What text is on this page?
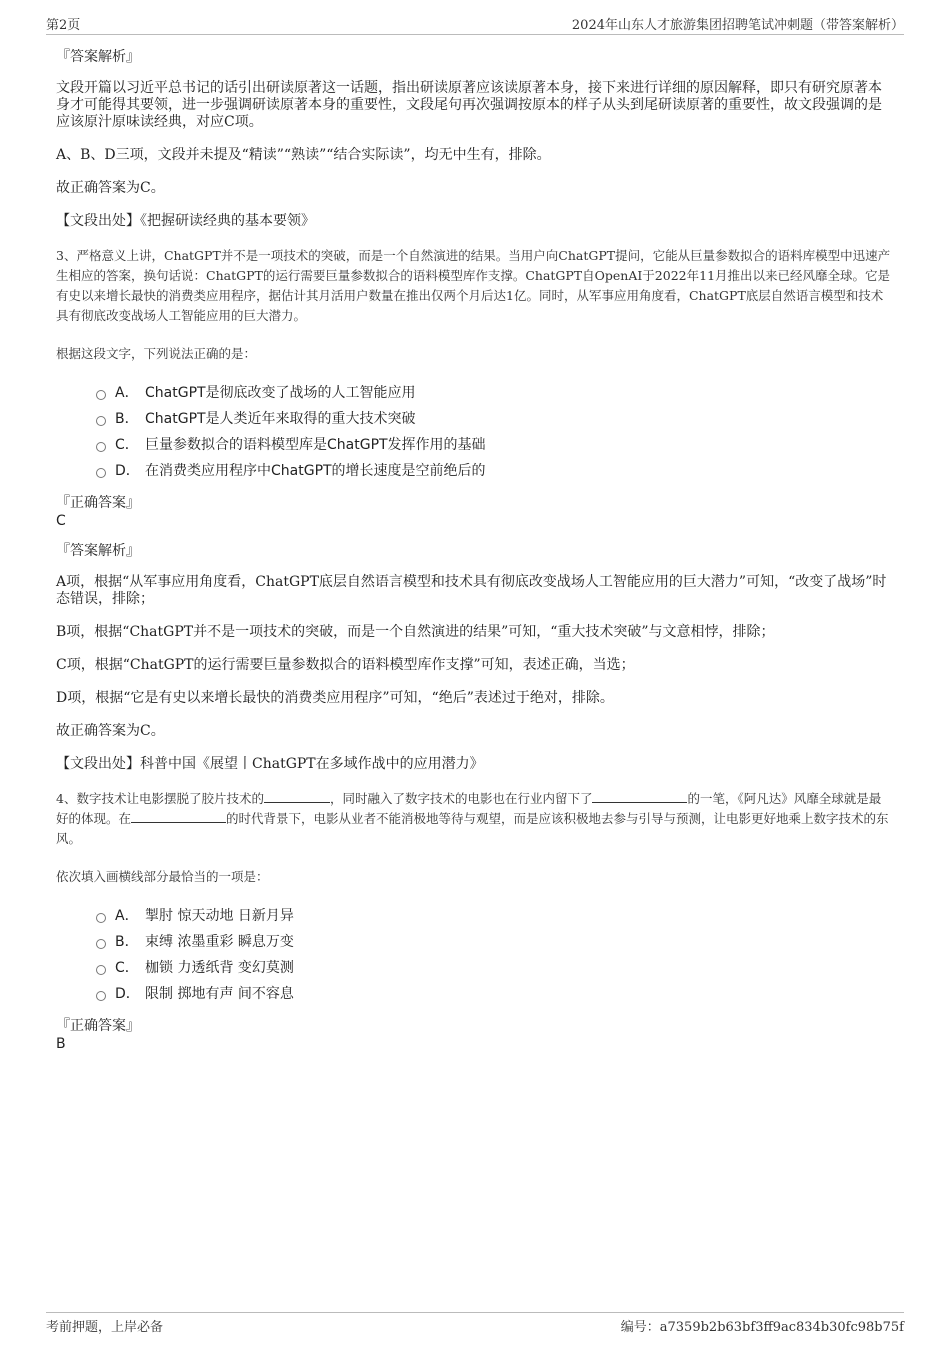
第2页	2024年山东人才旅游集团招聘笔试冲刺题（带答案解析）
『答案解析』

文段开篇以习近平总书记的话引出研读原著这一话题，指出研读原著应该读原著本身，接下来进行详细的原因解释，即只有研究原著本身才可能得其要领，进一步强调研读原著本身的重要性，文段尾句再次强调按原本的样子从头到尾研读原著的重要性，故文段强调的是应该原汁原味读经典，对应C项。

A、B、D三项，文段并未提及“精读”“熟读”“结合实际读”，均无中生有，排除。

故正确答案为C。

【文段出处】《把握研读经典的基本要领》

3、严格意义上讲，ChatGPT并不是一项技术的突破，而是一个自然演进的结果。当用户向ChatGPT提问，它能从巨量参数拟合的语料库模型中迅速产生相应的答案，换句话说：ChatGPT的运行需要巨量参数拟合的语料模型库作支撑。ChatGPT自OpenAI于2022年11月推出以来已经风靡全球。它是有史以来增长最快的消费类应用程序，据估计其月活用户数量在推出仅两个月后达1亿。同时，从军事应用角度看，ChatGPT底层自然语言模型和技术具有彻底改变战场人工智能应用的巨大潜力。

根据这段文字，下列说法正确的是：

A． ChatGPT是彻底改变了战场的人工智能应用
B． ChatGPT是人类近年来取得的重大技术突破
C． 巨量参数拟合的语料模型库是ChatGPT发挥作用的基础
D． 在消费类应用程序中ChatGPT的增长速度是空前绝后的
『正确答案』
C
『答案解析』

A项，根据“从军事应用角度看，ChatGPT底层自然语言模型和技术具有彻底改变战场人工智能应用的巨大潜力”可知，“改变了战场”时态错误，排除；

B项，根据“ChatGPT并不是一项技术的突破，而是一个自然演进的结果”可知，“重大技术突破”与文意相悖，排除；

C项，根据“ChatGPT的运行需要巨量参数拟合的语料模型库作支撑”可知，表述正确，当选；

D项，根据“它是有史以来增长最快的消费类应用程序”可知，“绝后”表述过于绝对，排除。

故正确答案为C。

【文段出处】科普中国《展望丨ChatGPT在多域作战中的应用潜力》

4、数字技术让电影摆脱了胶片技术的	，同时融入了数字技术的电影也在行业内留下了	的一笔，《阿凡达》风靡全球就是最好的体现。在	的时代背景下，电影从业者不能消极地等待与观望，而是应该积极地去参与引导与预测，让电影更好地乘上数字技术的东风。

依次填入画横线部分最恰当的一项是：

A． 掣肘 惊天动地 日新月异
B． 束缚 浓墨重彩 瞬息万变
C． 枷锁 力透纸背 变幻莫测
D． 限制 掷地有声 间不容息
『正确答案』
B
考前押题，上岸必备	编号：a7359b2b63bf3ff9ac834b30fc98b75f
